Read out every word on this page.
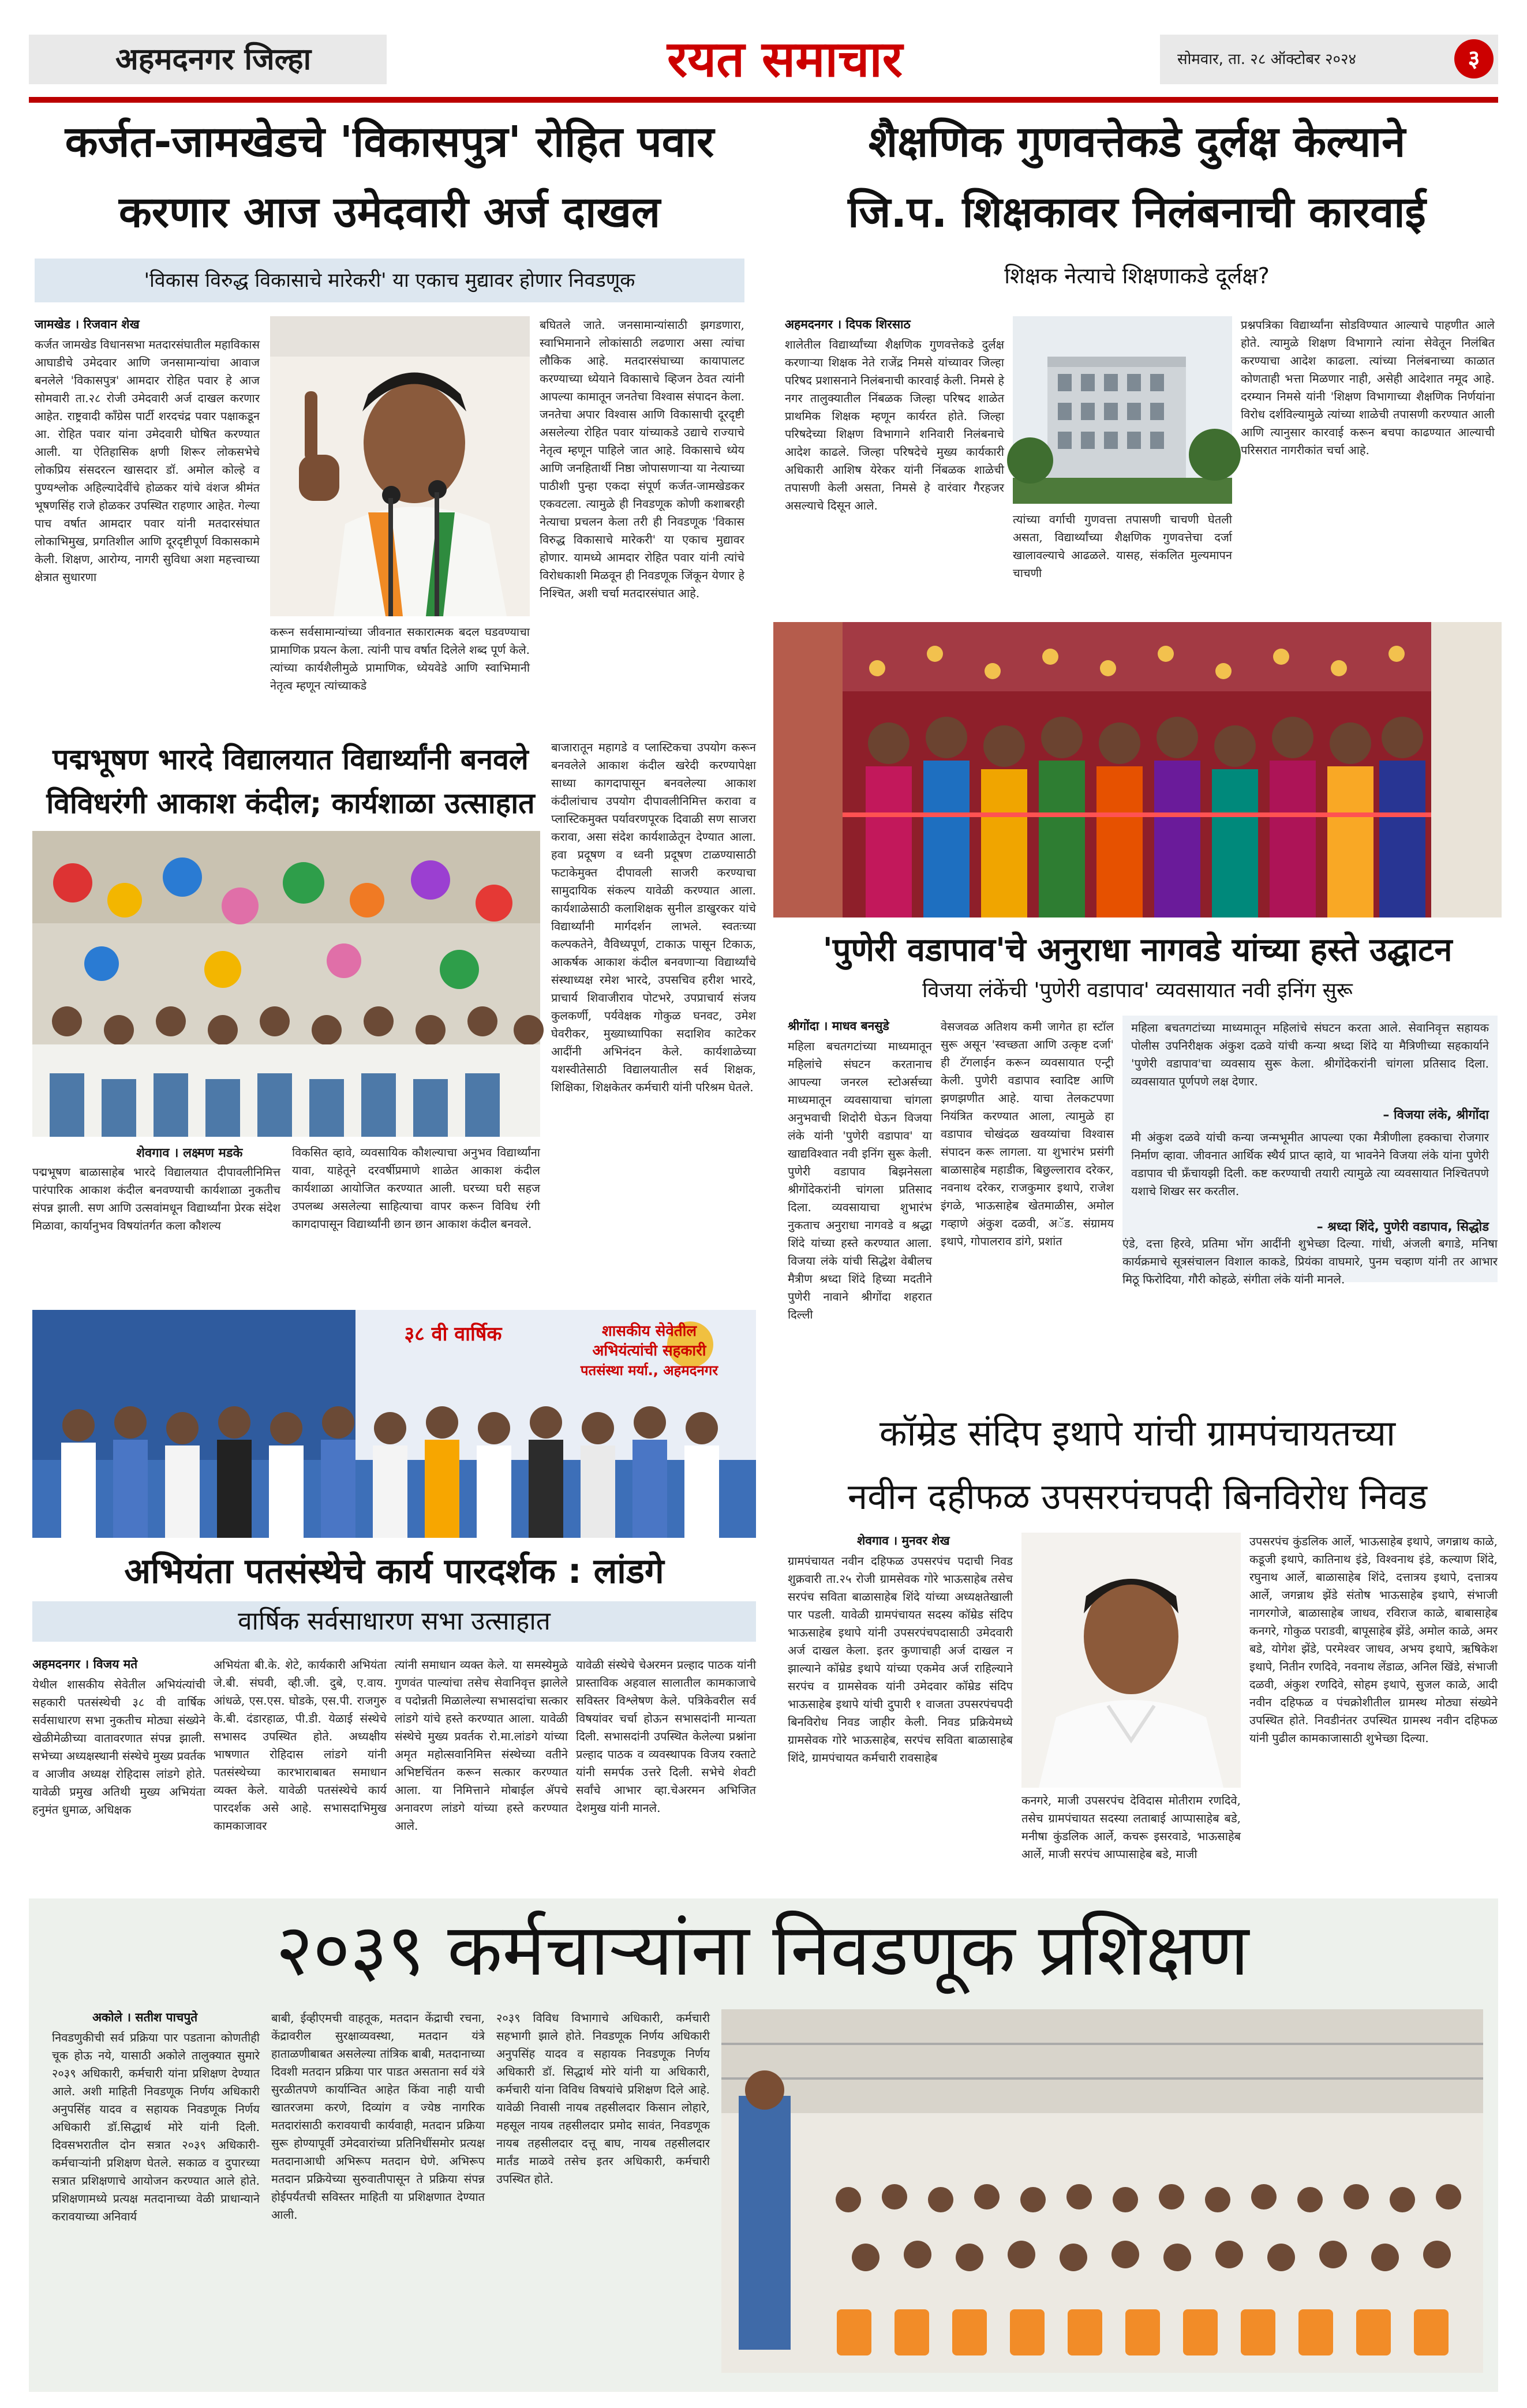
अहमदनगर जिल्हा	रयत समाचार	सोमवार, ता. २८ ऑक्टोबर २०२४	३
कर्जत-जामखेडचे 'विकासपुत्र' रोहित पवार
करणार आज उमेदवारी अर्ज दाखल
'विकास विरुद्ध विकासाचे मारेकरी' या एकाच मुद्यावर होणार निवडणूक
जामखेड । रिजवान शेख
कर्जत जामखेड विधानसभा मतदारसंघातील महाविकास आघाडीचे उमेदवार आणि जनसामान्यांचा आवाज बनलेले 'विकासपुत्र' आमदार रोहित पवार हे आज सोमवारी ता.२८ रोजी उमेदवारी अर्ज दाखल करणार आहेत. राष्ट्रवादी काँग्रेस पार्टी शरदचंद्र पवार पक्षाकडून आ. रोहित पवार यांना उमेदवारी घोषित करण्यात आली. या ऐतिहासिक क्षणी शिरूर लोकसभेचे लोकप्रिय संसदरत्न खासदार डॉ. अमोल कोल्हे व पुण्यश्लोक अहिल्यादेवींचे होळकर यांचे वंशज श्रीमंत भूषणसिंह राजे होळकर उपस्थित राहणार आहेत. गेल्या पाच वर्षात आमदार पवार यांनी मतदारसंघात लोकाभिमुख, प्रगतिशील आणि दूरदृष्टीपूर्ण विकासकामे केली. शिक्षण, आरोग्य, नागरी सुविधा अशा महत्त्वाच्या क्षेत्रात सुधारणा
करून सर्वसामान्यांच्या जीवनात सकारात्मक बदल घडवण्याचा प्रामाणिक प्रयत्न केला. त्यांनी पाच वर्षात दिलेले शब्द पूर्ण केले. त्यांच्या कार्यशैलीमुळे प्रामाणिक, ध्येयवेडे आणि स्वाभिमानी नेतृत्व म्हणून त्यांच्याकडे
बघितले जाते. जनसामान्यांसाठी झगडणारा, स्वाभिमानाने लोकांसाठी लढणारा असा त्यांचा लौकिक आहे. मतदारसंघाच्या कायापालट करण्याच्या ध्येयाने विकासाचे व्हिजन ठेवत त्यांनी आपल्या कामातून जनतेचा विश्वास संपादन केला. जनतेचा अपार विश्वास आणि विकासाची दूरदृष्टी असलेल्या रोहित पवार यांच्याकडे उद्याचे राज्याचे नेतृत्व म्हणून पाहिले जात आहे. विकासाचे ध्येय आणि जनहितार्थी निष्ठा जोपासणाऱ्या या नेत्याच्या पाठीशी पुन्हा एकदा संपूर्ण कर्जत-जामखेडकर एकवटला. त्यामुळे ही निवडणूक कोणी कशाबरही नेत्याचा प्रचलन केला तरी ही निवडणूक 'विकास विरुद्ध विकासाचे मारेकरी' या एकाच मुद्यावर होणार. यामध्ये आमदार रोहित पवार यांनी त्यांचे विरोधकाशी मिळवून ही निवडणूक जिंकून येणार हे निश्चित, अशी चर्चा मतदारसंघात आहे.
शैक्षणिक गुणवत्तेकडे दुर्लक्ष केल्याने
जि.प. शिक्षकावर निलंबनाची कारवाई
शिक्षक नेत्याचे शिक्षणाकडे दूर्लक्ष?
अहमदनगर । दिपक शिरसाठ
शालेतील विद्यार्थ्यांच्या शैक्षणिक गुणवत्तेकडे दुर्लक्ष करणाऱ्या शिक्षक नेते राजेंद्र निमसे यांच्यावर जिल्हा परिषद प्रशासनाने निलंबनाची कारवाई केली. निमसे हे नगर तालुक्यातील निंबळक जिल्हा परिषद शाळेत प्राथमिक शिक्षक म्हणून कार्यरत होते. जिल्हा परिषदेच्या शिक्षण विभागाने शनिवारी निलंबनाचे आदेश काढले. जिल्हा परिषदेचे मुख्य कार्यकारी अधिकारी आशिष येरेकर यांनी निंबळक शाळेची तपासणी केली असता, निमसे हे वारंवार गैरहजर असल्याचे दिसून आले.
त्यांच्या वर्गाची गुणवत्ता तपासणी चाचणी घेतली असता, विद्यार्थ्यांच्या शैक्षणिक गुणवत्तेचा दर्जा खालावल्याचे आढळले. यासह, संकलित मुल्यमापन चाचणी
प्रश्नपत्रिका विद्यार्थ्यांना सोडविण्यात आल्याचे पाहणीत आले होते. त्यामुळे शिक्षण विभागाने त्यांना सेवेतून निलंबित करण्याचा आदेश काढला. त्यांच्या निलंबनाच्या काळात कोणताही भत्ता मिळणार नाही, असेही आदेशात नमूद आहे. दरम्यान निमसे यांनी 'शिक्षण विभागाच्या शैक्षणिक निर्णयांना विरोध दर्शविल्यामुळे त्यांच्या शाळेची तपासणी करण्यात आली आणि त्यानुसार कारवाई करून बचपा काढण्यात आल्याची परिसरात नागरीकांत चर्चा आहे.
पद्मभूषण भारदे विद्यालयात विद्यार्थ्यांनी बनवले
विविधरंगी आकाश कंदील; कार्यशाळा उत्साहात
शेवगाव । लक्ष्मण मडके
पद्मभूषण बाळासाहेब भारदे विद्यालयात दीपावलीनिमित्त पारंपारिक आकाश कंदील बनवण्याची कार्यशाळा नुकतीच संपन्न झाली. सण आणि उत्सवांमधून विद्यार्थ्यांना प्रेरक संदेश मिळावा, कार्यानुभव विषयांतर्गत कला कौशल्य
विकसित व्हावे, व्यवसायिक कौशल्याचा अनुभव विद्यार्थ्यांना यावा, याहेतूने दरवर्षीप्रमाणे शाळेत आकाश कंदील कार्यशाळा आयोजित करण्यात आली. घरच्या घरी सहज उपलब्ध असलेल्या साहित्याचा वापर करून विविध रंगी कागदापासून विद्यार्थ्यांनी छान छान आकाश कंदील बनवले.
बाजारातून महागडे व प्लास्टिकचा उपयोग करून बनवलेले आकाश कंदील खरेदी करण्यापेक्षा साध्या कागदापासून बनवलेल्या आकाश कंदीलांचाच उपयोग दीपावलीनिमित्त करावा व प्लास्टिकमुक्त पर्यावरणपूरक दिवाळी सण साजरा करावा, असा संदेश कार्यशाळेतून देण्यात आला. हवा प्रदूषण व ध्वनी प्रदूषण टाळण्यासाठी फटाकेमुक्त दीपावली साजरी करण्याचा सामुदायिक संकल्प यावेळी करण्यात आला. कार्यशाळेसाठी कलाशिक्षक सुनील डाखुरकर यांचे विद्यार्थ्यांनी मार्गदर्शन लाभले. स्वतःच्या कल्पकतेने, वैविध्यपूर्ण, टाकाऊ पासून टिकाऊ, आकर्षक आकाश कंदील बनवणाऱ्या विद्यार्थ्यांचे संस्थाध्यक्ष रमेश भारदे, उपसचिव हरीश भारदे, प्राचार्य शिवाजीराव पोटभरे, उपप्राचार्य संजय कुलकर्णी, पर्यवेक्षक गोकुळ घनवट, उमेश घेवरीकर, मुख्याध्यापिका सदाशिव काटेकर आदींनी अभिनंदन केले. कार्यशाळेच्या यशस्वीतेसाठी विद्यालयातील सर्व शिक्षक, शिक्षिका, शिक्षकेतर कर्मचारी यांनी परिश्रम घेतले.
'पुणेरी वडापाव'चे अनुराधा नागवडे यांच्या हस्ते उद्घाटन
विजया लंकेंची 'पुणेरी वडापाव' व्यवसायात नवी इनिंग सुरू
श्रीगोंदा । माधव बनसुडे
महिला बचतगटांच्या माध्यमातून महिलांचे संघटन करतानाच आपल्या जनरल स्टोअर्सच्या माध्यमातून व्यवसायाचा चांगला अनुभवाची शिदोरी घेऊन विजया लंके यांनी 'पुणेरी वडापाव' या खाद्यविश्वात नवी इनिंग सुरू केली. पुणेरी वडापाव बिझनेसला श्रीगोंदेकरांनी चांगला प्रतिसाद दिला. व्यवसायाचा शुभारंभ नुकताच अनुराधा नागवडे व श्रद्धा शिंदे यांच्या हस्ते करण्यात आला. विजया लंके यांची सिद्धेश वेबीलच मैत्रीण श्रध्दा शिंदे हिच्या मदतीने पुणेरी नावाने श्रीगोंदा शहरात दिल्ली
वेसजवळ अतिशय कमी जागेत हा स्टॉल सुरू असून 'स्वच्छता आणि उत्कृष्ट दर्जा' ही टॅगलाईन करून व्यवसायात एन्ट्री केली. पुणेरी वडापाव स्वादिष्ट आणि झणझणीत आहे. याचा तेलकटपणा नियंत्रित करण्यात आला, त्यामुळे हा वडापाव चोखंदळ खवय्यांचा विश्वास संपादन करू लागला. या शुभारंभ प्रसंगी बाळासाहेब महाडीक, बिछुल्लाराव दरेकर, नवनाथ दरेकर, राजकुमार इथापे, राजेश इंगळे, भाऊसाहेब खेतमाळीस, अमोल गव्हाणे अंकुश दळवी, अॅड. संग्रामय इथापे, गोपालराव डांगे, प्रशांत
महिला बचतगटांच्या माध्यमातून महिलांचे संघटन करता आले. सेवानिवृत्त सहायक पोलीस उपनिरीक्षक अंकुश दळवे यांची कन्या श्रध्दा शिंदे या मैत्रिणीच्या सहकार्याने 'पुणेरी वडापाव'चा व्यवसाय सुरू केला. श्रीगोंदेकरांनी चांगला प्रतिसाद दिला. व्यवसायात पूर्णपणे लक्ष देणार.
– विजया लंके, श्रीगोंदा
मी अंकुश दळवे यांची कन्या जन्मभूमीत आपल्या एका मैत्रीणीला हक्काचा रोजगार निर्माण व्हावा. जीवनात आर्थिक स्थैर्य प्राप्त व्हावे, या भावनेने विजया लंके यांना पुणेरी वडापाव ची फ्रँचायझी दिली. कष्ट करण्याची तयारी त्यामुळे त्या व्यवसायात निश्चितपणे यशाचे शिखर सर करतील.
– श्रध्दा शिंदे, पुणेरी वडापाव, सिद्धोड
एंडे, दत्ता हिरवे, प्रतिमा भोंग आदींनी शुभेच्छा दिल्या. गांधी, अंजली बगाडे, मनिषा कार्यक्रमाचे सूत्रसंचालन विशाल काकडे, प्रियंका वाघमारे, पुनम चव्हाण यांनी तर आभार मिठू फिरोदिया, गौरी कोहळे, संगीता लंके यांनी मानले.
शासकीय सेवेतील
अभियंत्यांची सहकारी
पतसंस्था मर्या., अहमदनगर
३८ वी वार्षिक
अभियंता पतसंस्थेचे कार्य पारदर्शक : लांडगे
वार्षिक सर्वसाधारण सभा उत्साहात
अहमदनगर । विजय मते
येथील शासकीय सेवेतील अभियंत्यांची सहकारी पतसंस्थेची ३८ वी वार्षिक सर्वसाधारण सभा नुकतीच मोठ्या संख्येने खेळीमेळीच्या वातावरणात संपन्न झाली. सभेच्या अध्यक्षस्थानी संस्थेचे मुख्य प्रवर्तक व आजीव अध्यक्ष रोहिदास लांडगे होते. यावेळी प्रमुख अतिथी मुख्य अभियंता हनुमंत धुमाळ, अधिक्षक
अभियंता बी.के. शेटे, कार्यकारी अभियंता जे.बी. संघवी, व्ही.जी. दुबे, ए.वाय. आंधळे, एस.एस. घोडके, एस.पी. राजगुरु के.बी. दंडारहाळ, पी.डी. येळाई संस्थेचे सभासद उपस्थित होते. अध्यक्षीय भाषणात रोहिदास लांडगे यांनी पतसंस्थेच्या कारभाराबाबत समाधान व्यक्त केले. यावेळी पतसंस्थेचे कार्य पारदर्शक असे आहे. सभासदाभिमुख कामकाजावर
त्यांनी समाधान व्यक्त केले. या समस्येमुळे गुणवंत पाल्यांचा तसेच सेवानिवृत्त झालेले व पदोन्नती मिळालेल्या सभासदांचा सत्कार लांडगे यांचे हस्ते करण्यात आला. यावेळी संस्थेचे मुख्य प्रवर्तक रो.मा.लांडगे यांच्या अमृत महोत्सवानिमित्त संस्थेच्या वतीने अभिष्टचिंतन करून सत्कार करण्यात आला. या निमित्ताने मोबाईल ॲपचे अनावरण लांडगे यांच्या हस्ते करण्यात आले.
यावेळी संस्थेचे चेअरमन प्रल्हाद पाठक यांनी प्रास्ताविक अहवाल सालातील कामकाजाचे सविस्तर विश्लेषण केले. पत्रिकेवरील सर्व विषयांवर चर्चा होऊन सभासदांनी मान्यता दिली. सभासदांनी उपस्थित केलेल्या प्रश्नांना प्रल्हाद पाठक व व्यवस्थापक विजय रक्ताटे यांनी समर्पक उत्तरे दिली. सभेचे शेवटी सर्वांचे आभार व्हा.चेअरमन अभिजित देशमुख यांनी मानले.
कॉम्रेड संदिप इथापे यांची ग्रामपंचायतच्या
नवीन दहीफळ उपसरपंचपदी बिनविरोध निवड
शेवगाव । मुनवर शेख
ग्रामपंचायत नवीन दहिफळ उपसरपंच पदाची निवड शुक्रवारी ता.२५ रोजी ग्रामसेवक गोरे भाऊसाहेब तसेच सरपंच सविता बाळासाहेब शिंदे यांच्या अध्यक्षतेखाली पार पडली. यावेळी ग्रामपंचायत सदस्य कॉम्रेड संदिप भाऊसाहेब इथापे यांनी उपसरपंचपदासाठी उमेदवारी अर्ज दाखल केला. इतर कुणाचाही अर्ज दाखल न झाल्याने कॉम्रेड इथापे यांच्या एकमेव अर्ज राहिल्याने सरपंच व ग्रामसेवक यांनी उमेदवार कॉम्रेड संदिप भाऊसाहेब इथापे यांची दुपारी १ वाजता उपसरपंचपदी बिनविरोध निवड जाहीर केली. निवड प्रक्रियेमध्ये ग्रामसेवक गोरे भाऊसाहेब, सरपंच सविता बाळासाहेब शिंदे, ग्रामपंचायत कर्मचारी रावसाहेब
कनगरे, माजी उपसरपंच देविदास मोतीराम रणदिवे, तसेच ग्रामपंचायत सदस्या लताबाई आप्पासाहेब बडे, मनीषा कुंडलिक आर्ले, कचरू इसरवाडे, भाऊसाहेब आर्ले, माजी सरपंच आप्पासाहेब बडे, माजी
उपसरपंच कुंडलिक आर्ले, भाऊसाहेब इथापे, जगन्नाथ काळे, कडूजी इथापे, कातिनाथ इंडे, विश्वनाथ इंडे, कल्याण शिंदे, रघुनाथ आर्ले, बाळासाहेब शिंदे, दत्तात्रय इथापे, दत्तात्रय आर्ले, जगन्नाथ झेंडे संतोष भाऊसाहेब इथापे, संभाजी नागरगोजे, बाळासाहेब जाधव, रविराज काळे, बाबासाहेब कनगरे, गोकुळ पराडवी, बापूसाहेब झेंडे, अमोल काळे, अमर बडे, योगेश झेंडे, परमेश्वर जाधव, अभय इथापे, ऋषिकेश इथापे, नितीन रणदिवे, नवनाथ लेंडाळ, अनिल खिंडे, संभाजी दळवी, अंकुश रणदिवे, सोहम इथापे, सुजल काळे, आदी नवीन दहिफळ व पंचक्रोशीतील ग्रामस्थ मोठ्या संख्येने उपस्थित होते. निवडीनंतर उपस्थित ग्रामस्थ नवीन दहिफळ यांनी पुढील कामकाजासाठी शुभेच्छा दिल्या.
२०३९ कर्मचाऱ्यांना निवडणूक प्रशिक्षण
अकोले । सतीश पाचपुते
निवडणुकीची सर्व प्रक्रिया पार पडताना कोणतीही चूक होऊ नये, यासाठी अकोले तालुक्यात सुमारे २०३९ अधिकारी, कर्मचारी यांना प्रशिक्षण देण्यात आले. अशी माहिती निवडणूक निर्णय अधिकारी अनुपसिंह यादव व सहायक निवडणूक निर्णय अधिकारी डॉ.सिद्धार्थ मोरे यांनी दिली. दिवसभरातील दोन सत्रात २०३९ अधिकारी-कर्मचाऱ्यांनी प्रशिक्षण घेतले. सकाळ व दुपारच्या सत्रात प्रशिक्षणाचे आयोजन करण्यात आले होते. प्रशिक्षणामध्ये प्रत्यक्ष मतदानाच्या वेळी प्राधान्याने करावयाच्या अनिवार्य
बाबी, ईव्हीएमची वाहतूक, मतदान केंद्राची रचना, केंद्रावरील सुरक्षाव्यवस्था, मतदान यंत्रे हाताळणीबाबत असलेल्या तांत्रिक बाबी, मतदानाच्या दिवशी मतदान प्रक्रिया पार पाडत असताना सर्व यंत्रे सुरळीतपणे कार्यान्वित आहेत किंवा नाही याची खातरजमा करणे, दिव्यांग व ज्येष्ठ नागरिक मतदारांसाठी करावयाची कार्यवाही, मतदान प्रक्रिया सुरू होण्यापूर्वी उमेदवारांच्या प्रतिनिधींसमोर प्रत्यक्ष मतदानाआधी अभिरूप मतदान घेणे. अभिरूप मतदान प्रक्रियेच्या सुरुवातीपासून ते प्रक्रिया संपन्न होईपर्यंतची सविस्तर माहिती या प्रशिक्षणात देण्यात आली.
२०३९ विविध विभागाचे अधिकारी, कर्मचारी सहभागी झाले होते. निवडणूक निर्णय अधिकारी अनुपसिंह यादव व सहायक निवडणूक निर्णय अधिकारी डॉ. सिद्धार्थ मोरे यांनी या अधिकारी, कर्मचारी यांना विविध विषयांचे प्रशिक्षण दिले आहे. यावेळी निवासी नायब तहसीलदार किसान लोहारे, महसूल नायब तहसीलदार प्रमोद सावंत, निवडणूक नायब तहसीलदार दत्तू बाघ, नायब तहसीलदार मार्तंड माळवे तसेच इतर अधिकारी, कर्मचारी उपस्थित होते.
